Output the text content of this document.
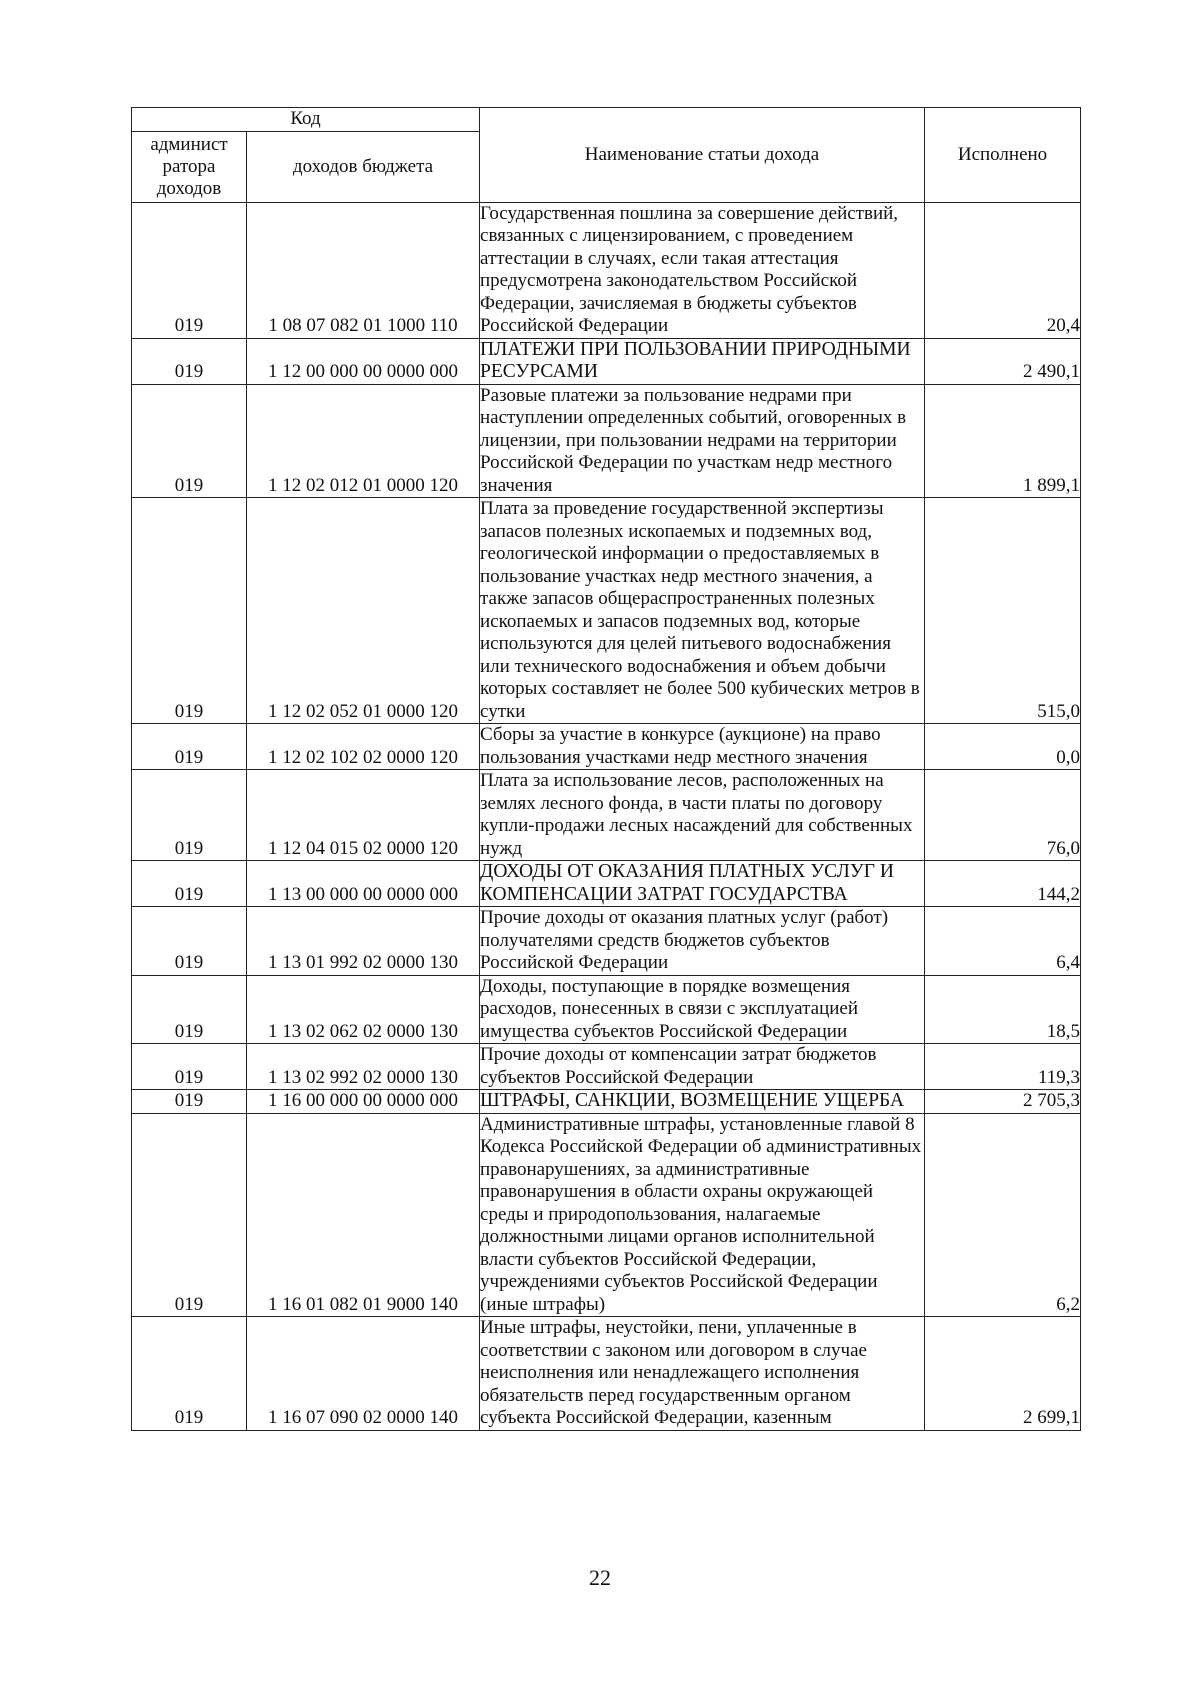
Код		Наименование статьи дохода	Исполнено
админист
ратора
доходов	доходов бюджета		
019	1 08 07 082 01 1000 110	Государственная пошлина за совершение действий, связанных с лицензированием, с проведением аттестации в случаях, если такая аттестация предусмотрена законодательством Российской Федерации, зачисляемая в бюджеты субъектов Российской Федерации	20,4
019	1 12 00 000 00 0000 000	ПЛАТЕЖИ ПРИ ПОЛЬЗОВАНИИ ПРИРОДНЫМИ РЕСУРСАМИ	2 490,1
019	1 12 02 012 01 0000 120	Разовые платежи за пользование недрами при наступлении определенных событий, оговоренных в лицензии, при пользовании недрами на территории Российской Федерации по участкам недр местного значения	1 899,1
019	1 12 02 052 01 0000 120	Плата за проведение государственной экспертизы запасов полезных ископаемых и подземных вод, геологической информации о предоставляемых в пользование участках недр местного значения, а также запасов общераспространенных полезных ископаемых и запасов подземных вод, которые используются для целей питьевого водоснабжения или технического водоснабжения и объем добычи которых составляет не более 500 кубических метров в сутки	515,0
019	1 12 02 102 02 0000 120	Сборы за участие в конкурсе (аукционе) на право пользования участками недр местного значения	0,0
019	1 12 04 015 02 0000 120	Плата за использование лесов, расположенных на землях лесного фонда, в части платы по договору купли-продажи лесных насаждений для собственных нужд	76,0
019	1 13 00 000 00 0000 000	ДОХОДЫ ОТ ОКАЗАНИЯ ПЛАТНЫХ УСЛУГ И КОМПЕНСАЦИИ ЗАТРАТ ГОСУДАРСТВА	144,2
019	1 13 01 992 02 0000 130	Прочие доходы от оказания платных услуг (работ) получателями средств бюджетов субъектов Российской Федерации	6,4
019	1 13 02 062 02 0000 130	Доходы, поступающие в порядке возмещения расходов, понесенных в связи с эксплуатацией имущества субъектов Российской Федерации	18,5
019	1 13 02 992 02 0000 130	Прочие доходы от компенсации затрат бюджетов субъектов Российской Федерации	119,3
019	1 16 00 000 00 0000 000	ШТРАФЫ, САНКЦИИ, ВОЗМЕЩЕНИЕ УЩЕРБА	2 705,3
019	1 16 01 082 01 9000 140	Административные штрафы, установленные главой 8 Кодекса Российской Федерации об административных правонарушениях, за административные правонарушения в области охраны окружающей среды и природопользования, налагаемые должностными лицами органов исполнительной власти субъектов Российской Федерации, учреждениями субъектов Российской Федерации (иные штрафы)	6,2
019	1 16 07 090 02 0000 140	Иные штрафы, неустойки, пени, уплаченные в соответствии с законом или договором в случае неисполнения или ненадлежащего исполнения обязательств перед государственным органом субъекта Российской Федерации, казенным	2 699,1
22
